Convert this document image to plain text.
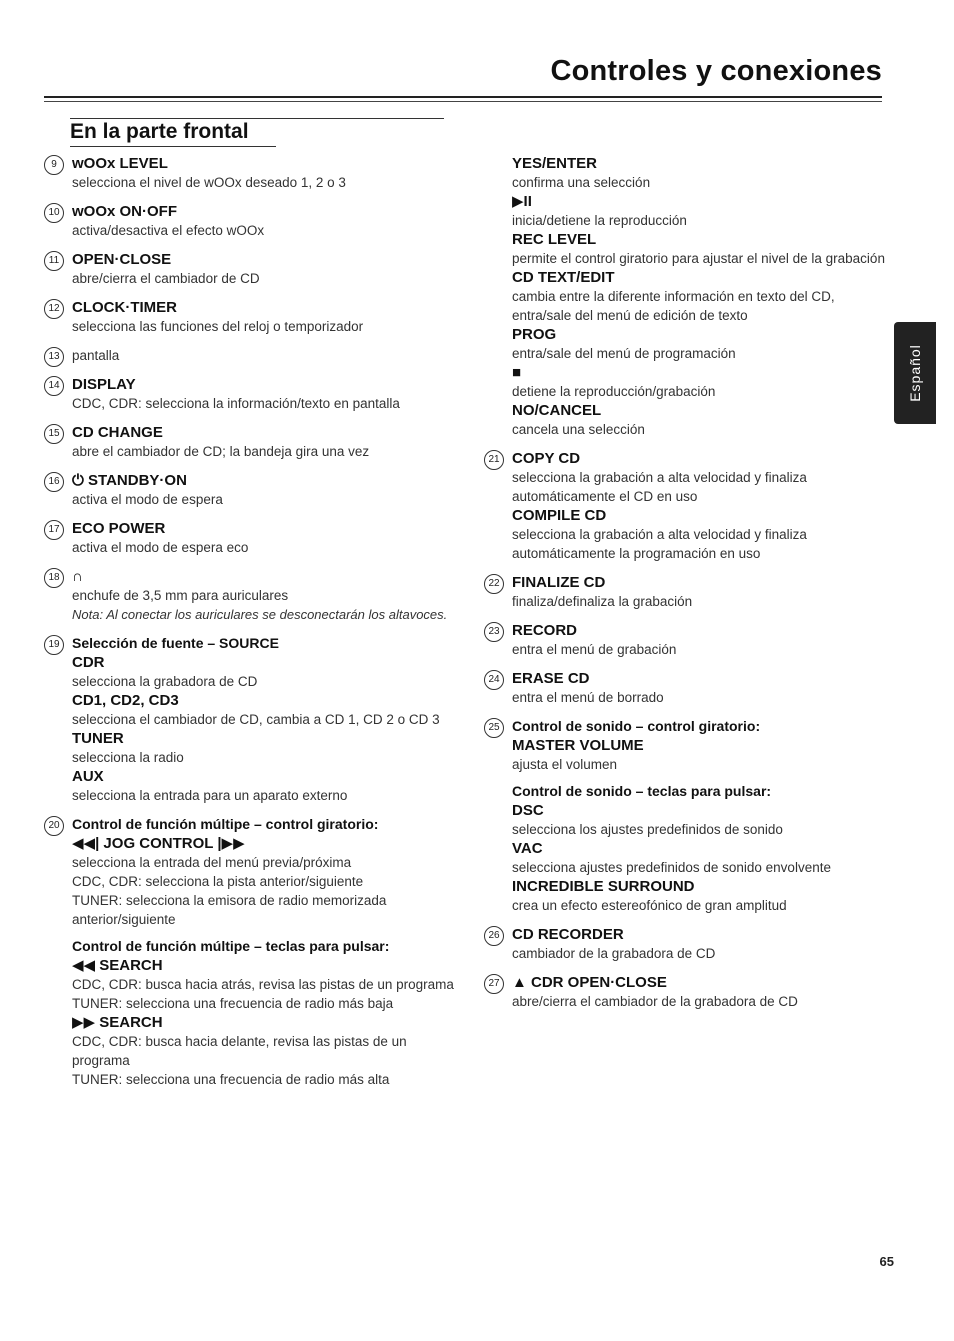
Controles y conexiones
En la parte frontal
9	wOOx LEVEL
selecciona el nivel de wOOx deseado 1, 2 o 3
10 wOOx ON·OFF
activa/desactiva el efecto wOOx
11 OPEN·CLOSE
abre/cierra el cambiador de CD
12 CLOCK·TIMER
selecciona las funciones del reloj o temporizador
13 pantalla
14 DISPLAY
CDC, CDR: selecciona la información/texto en pantalla
15 CD CHANGE
abre el cambiador de CD; la bandeja gira una vez
16 ⏻ STANDBY·ON
activa el modo de espera
17 ECO POWER
activa el modo de espera eco
18 ∩
enchufe de 3,5 mm para auriculares
Nota: Al conectar los auriculares se desconectarán los altavoces.
19 Selección de fuente – SOURCE
CDR
selecciona la grabadora de CD
CD1, CD2, CD3
selecciona el cambiador de CD, cambia a CD 1, CD 2 o CD 3
TUNER
selecciona la radio
AUX
selecciona la entrada para un aparato externo
20 Control de función múltipe – control giratorio:
◀◀| JOG CONTROL |▶▶
selecciona la entrada del menú previa/próxima
CDC, CDR: selecciona la pista anterior/siguiente
TUNER: selecciona la emisora de radio memorizada anterior/siguiente
Control de función múltipe – teclas para pulsar:
◀◀ SEARCH
CDC, CDR: busca hacia atrás, revisa las pistas de un programa
TUNER: selecciona una frecuencia de radio más baja
▶▶ SEARCH
CDC, CDR: busca hacia delante, revisa las pistas de un programa
TUNER: selecciona una frecuencia de radio más alta
YES/ENTER
confirma una selección
▶II
inicia/detiene la reproducción
REC LEVEL
permite el control giratorio para ajustar el nivel de la grabación
CD TEXT/EDIT
cambia entre la diferente información en texto del CD, entra/sale del menú de edición de texto
PROG
entra/sale del menú de programación
■
detiene la reproducción/grabación
NO/CANCEL
cancela una selección
21 COPY CD
selecciona la grabación a alta velocidad y finaliza automáticamente el CD en uso
COMPILE CD
selecciona la grabación a alta velocidad y finaliza automáticamente la programación en uso
22 FINALIZE CD
finaliza/definaliza la grabación
23 RECORD
entra el menú de grabación
24 ERASE CD
entra el menú de borrado
25 Control de sonido – control giratorio:
MASTER VOLUME
ajusta el volumen
Control de sonido – teclas para pulsar:
DSC
selecciona los ajustes predefinidos de sonido
VAC
selecciona ajustes predefinidos de sonido envolvente
INCREDIBLE SURROUND
crea un efecto estereofónico de gran amplitud
26 CD RECORDER
cambiador de la grabadora de CD
27 ▲ CDR OPEN·CLOSE
abre/cierra el cambiador de la grabadora de CD
Español
65
